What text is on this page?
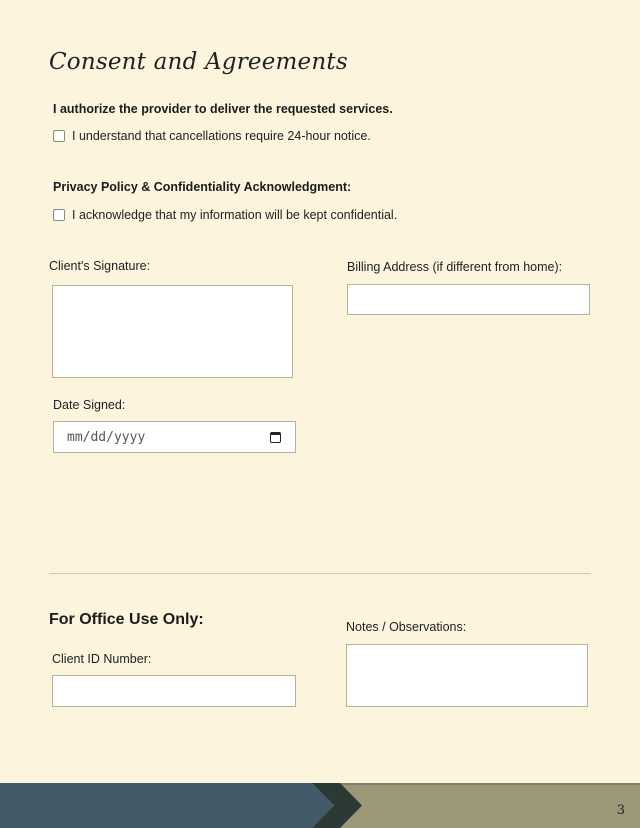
Consent and Agreements
I authorize the provider to deliver the requested services.
I understand that cancellations require 24-hour notice.
Privacy Policy & Confidentiality Acknowledgment:
I acknowledge that my information will be kept confidential.
Client's Signature:	Billing Address (if different from home):
Date Signed:
mm/dd/yyyy
For Office Use Only:
Client ID Number:
Notes / Observations:
3
